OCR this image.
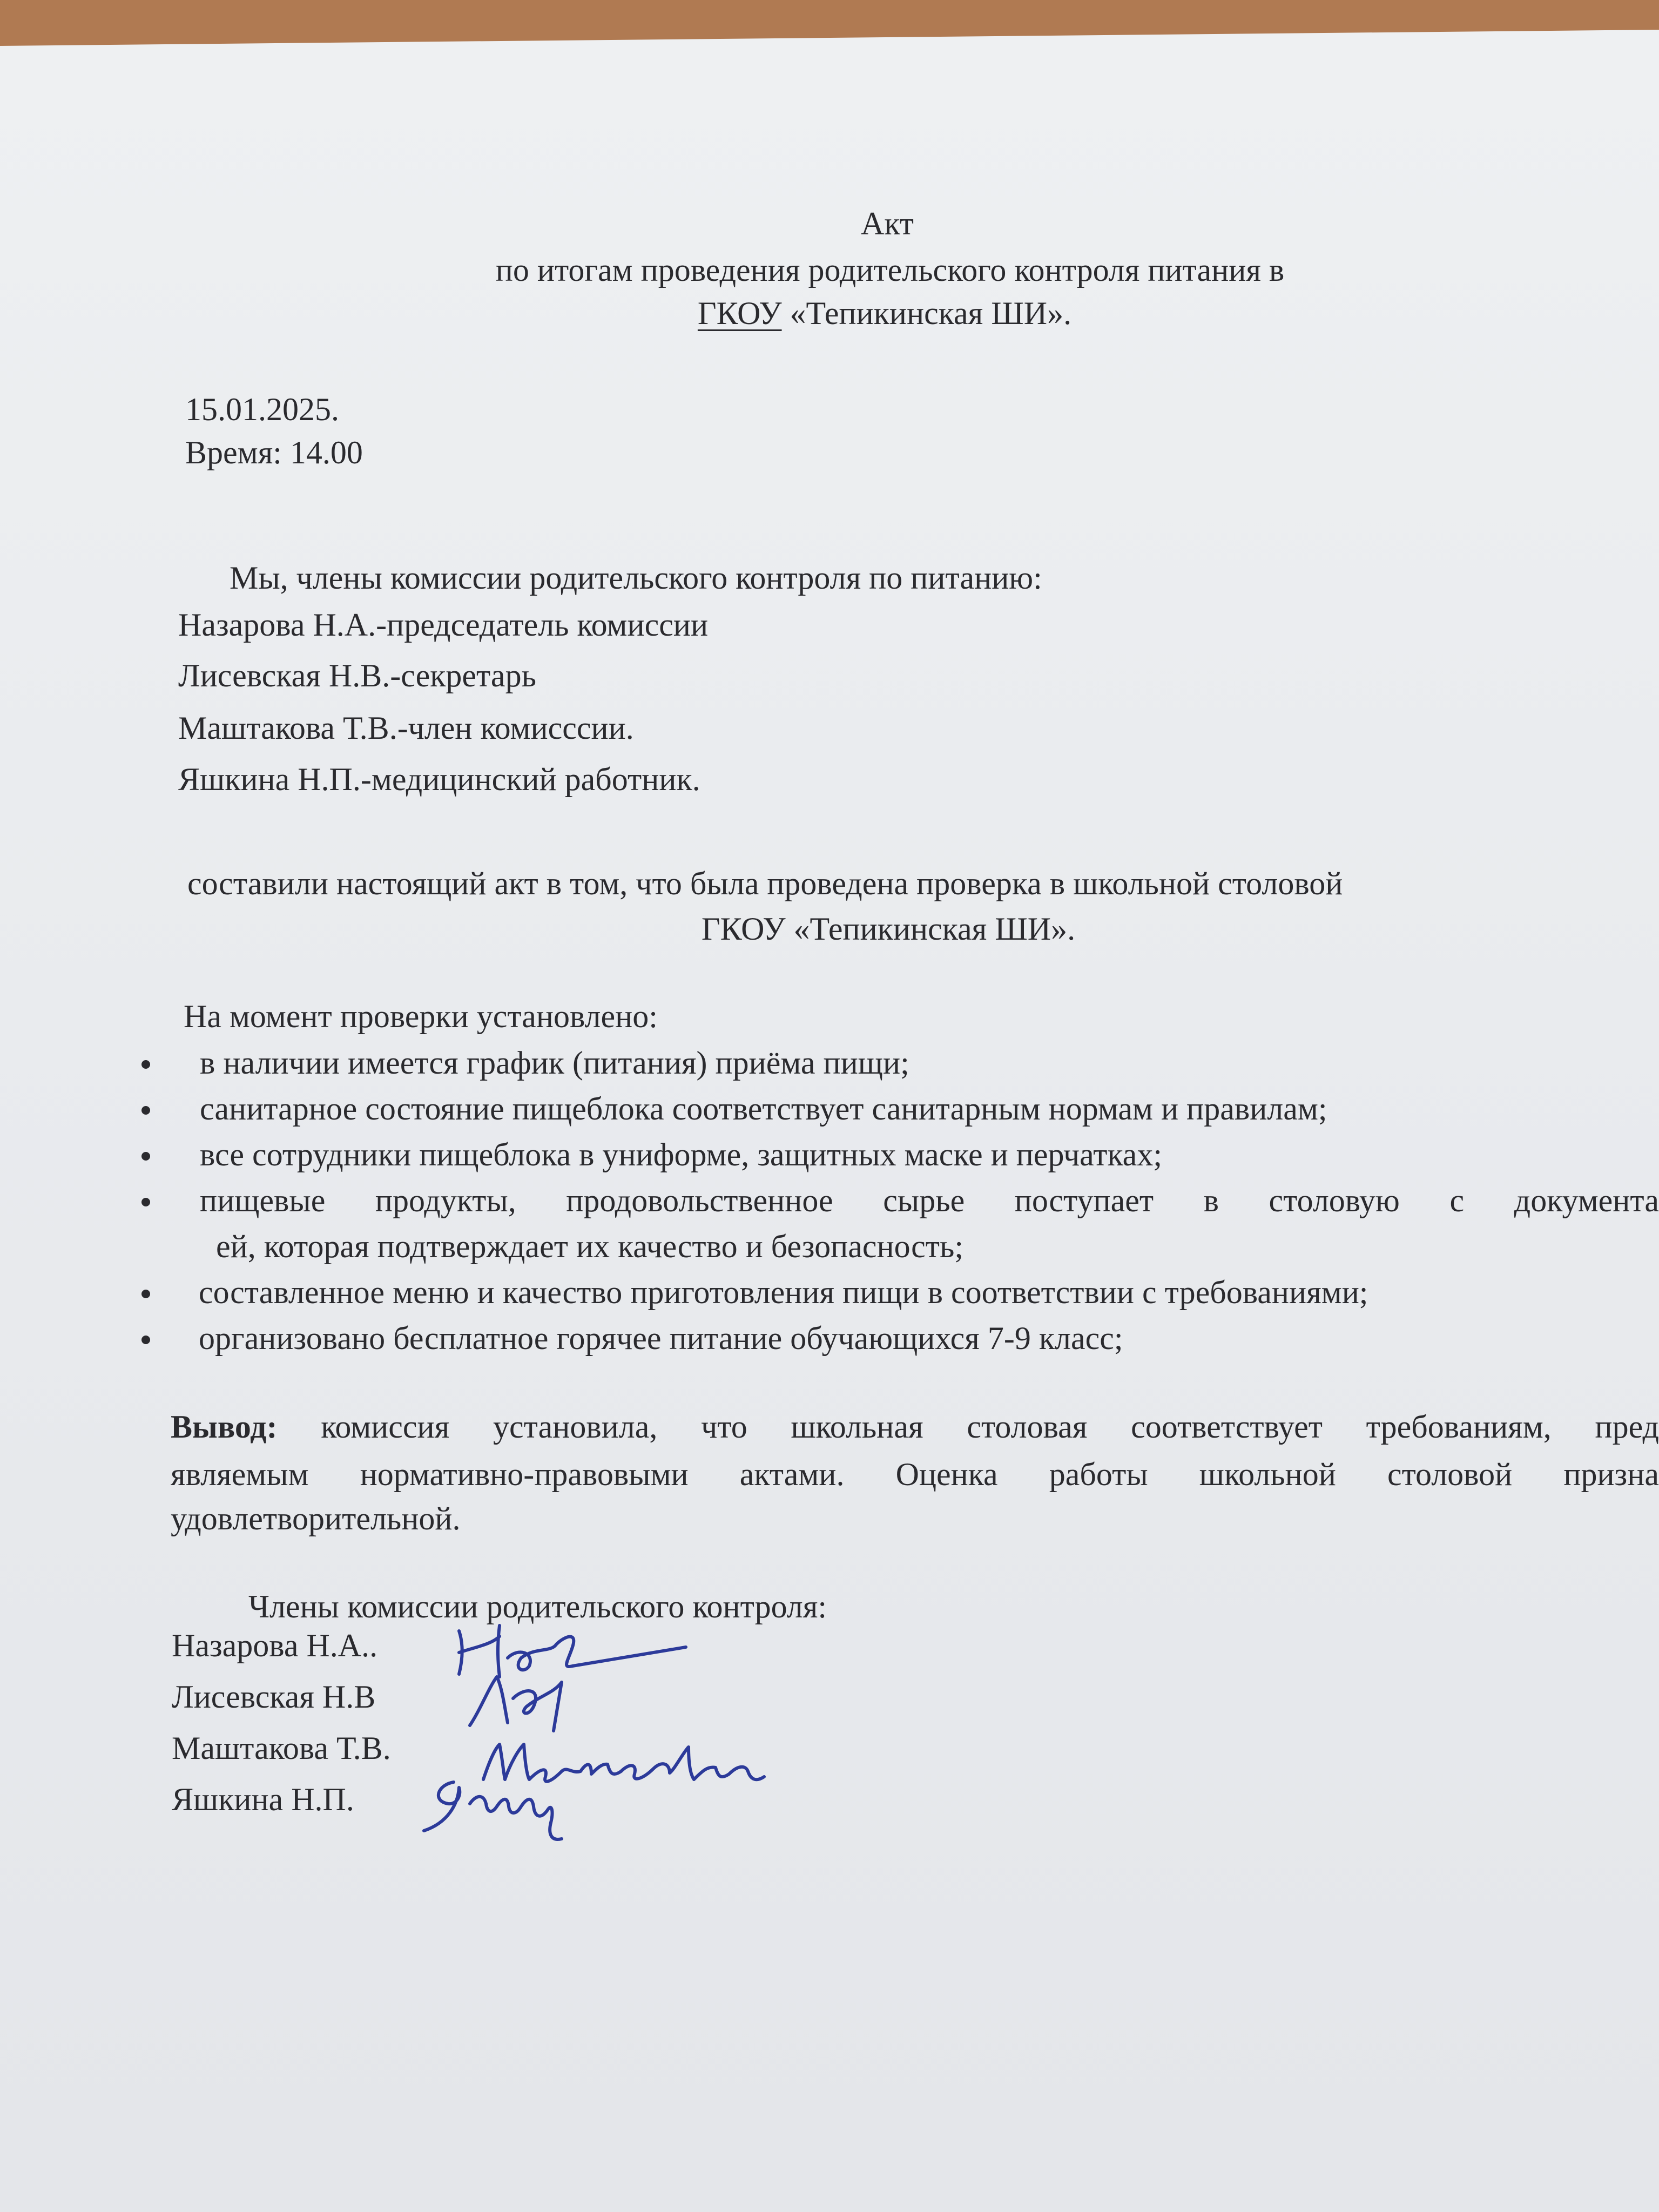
Акт
по итогам проведения родительского контроля питания в
ГКОУ «Тепикинская ШИ».
15.01.2025.
Время: 14.00
Мы, члены комиссии родительского контроля по питанию:
Назарова Н.А.-председатель комиссии
Лисевская Н.В.-секретарь
Маштакова Т.В.-член комисссии.
Яшкина Н.П.-медицинский работник.
составили настоящий акт в том, что была проведена проверка в школьной столовой
ГКОУ «Тепикинская ШИ».
На момент проверки установлено:
в наличии имеется график (питания) приёма пищи;
санитарное состояние пищеблока соответствует санитарным нормам и правилам;
все сотрудники пищеблока в униформе, защитных маске и перчатках;
пищевые продукты, продовольственное сырье поступает в столовую с документа
ей, которая подтверждает их качество и безопасность;
составленное меню и качество приготовления пищи в соответствии с требованиями;
организовано бесплатное горячее питание обучающихся 7-9 класс;
Вывод: комиссия установила, что школьная столовая соответствует требованиям, пред
являемым нормативно-правовыми актами. Оценка работы школьной столовой призна
удовлетворительной.
Члены комиссии родительского контроля:
Назарова Н.А..
Лисевская Н.В
Маштакова Т.В.
Яшкина Н.П.
